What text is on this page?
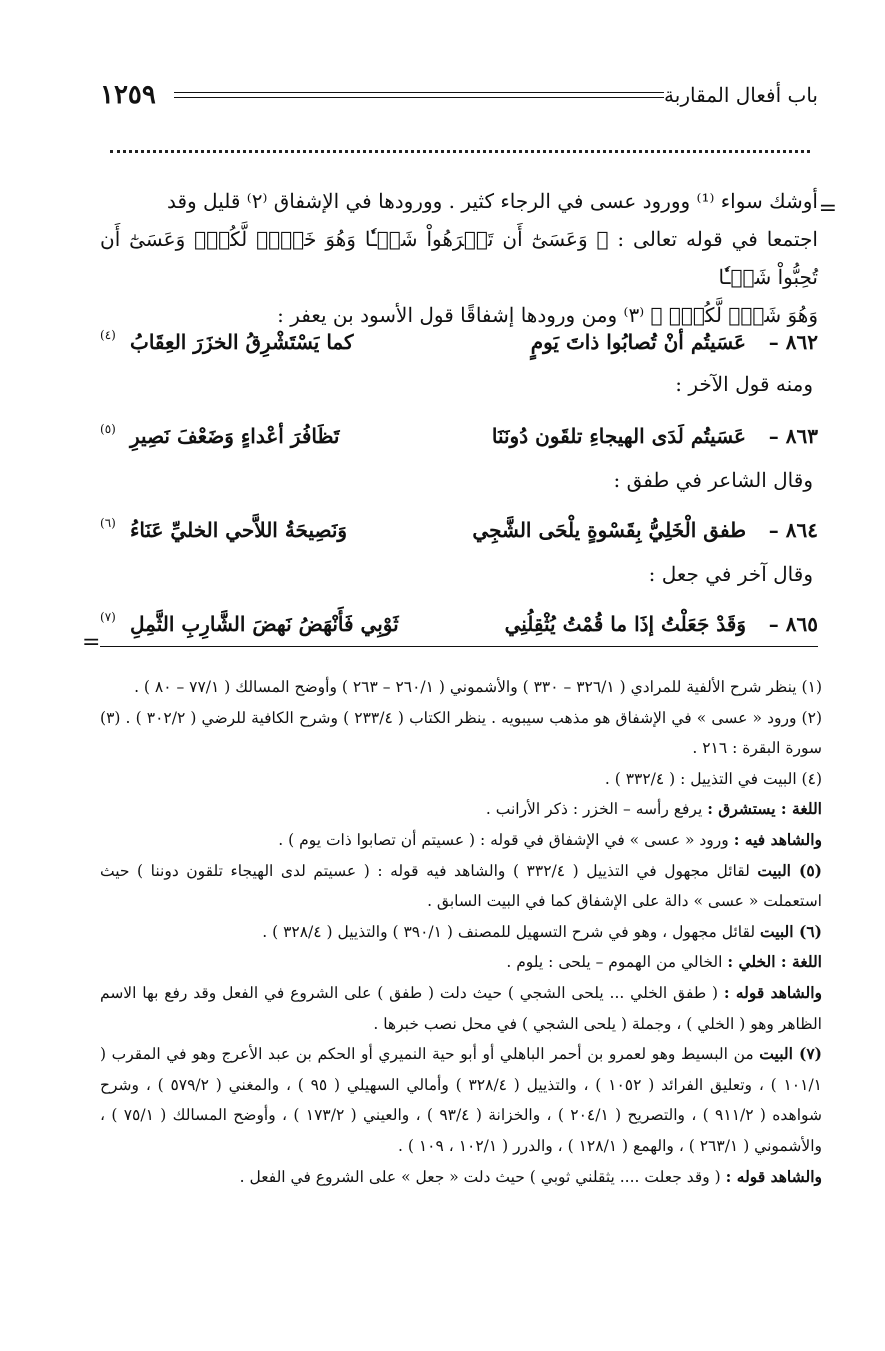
باب أفعال المقاربة
١٢٥٩
=

أوشك سواء ⁽¹⁾ وورود عسى في الرجاء كثير . وورودها في الإشفاق ⁽٢⁾ قليل وقد

اجتمعا في قوله تعالى : ﴿ وَعَسَىٰٓ أَن تَكۡرَهُواْ شَيۡـٔٗا وَهُوَ خَيۡرٞ لَّكُمۡۖ وَعَسَىٰٓ أَن تُحِبُّواْ شَيۡـٔٗا

وَهُوَ شَرّٞ لَّكُمۡۚ ﴾ ⁽٣⁾ ومن ورودها إشفاقًا قول الأسود بن يعفر :

٨٦٢ –
عَسَيتُم أنْ تُصابُوا ذاتَ يَومٍ
كما يَسْتَشْرِقُ الخزَرَ العِقَابُ
(٤)
ومنه قول الآخر :
٨٦٣ –
عَسَيتُم لَدَى الهيجاءِ تلقَون دُونَنَا
تَظَافُرَ أعْداءٍ وَضَعْفَ نَصِيرِ
(٥)
وقال الشاعر في طفق :
٨٦٤ –
طفق الْخَلِيُّ بِقَسْوةٍ يلْحَى الشَّجِي
وَنَصِيحَةُ اللاَّحي الخليِّ عَنَاءُ
(٦)
وقال آخر في جعل :
٨٦٥ –
وَقَدْ جَعَلْتُ إذَا ما قُمْتُ يُثْقِلُنِي
ثَوْبِي فَأَنْهَضُ نَهضَ الشَّارِبِ الثَّمِلِ
(٧)
=

(١) ينظر شرح الألفية للمرادي ( ٣٢٦/١ – ٣٣٠ ) والأشموني ( ٢٦٠/١ – ٢٦٣ ) وأوضح المسالك ( ٧٧/١ – ٨٠ ) .

(٢) ورود « عسى » في الإشفاق هو مذهب سيبويه . ينظر الكتاب ( ٢٣٣/٤ ) وشرح الكافية للرضي ( ٣٠٢/٢ ) . (٣) سورة البقرة : ٢١٦ .

(٤) البيت في التذييل : ( ٣٣٢/٤ ) .

اللغة : يستشرق : يرفع رأسه – الخزر : ذكر الأرانب .

والشاهد فيه : ورود « عسى » في الإشفاق في قوله : ( عسيتم أن تصابوا ذات يوم ) .

(٥) البيت لقائل مجهول في التذييل ( ٣٣٢/٤ ) والشاهد فيه قوله : ( عسيتم لدى الهيجاء تلقون دوننا ) حيث استعملت « عسى » دالة على الإشفاق كما في البيت السابق .

(٦) البيت لقائل مجهول ، وهو في شرح التسهيل للمصنف ( ٣٩٠/١ ) والتذييل ( ٣٢٨/٤ ) .

اللغة : الخلي : الخالي من الهموم – يلحى : يلوم .

والشاهد قوله : ( طفق الخلي ... يلحى الشجي ) حيث دلت ( طفق ) على الشروع في الفعل وقد رفع بها الاسم الظاهر وهو ( الخلي ) ، وجملة ( يلحى الشجي ) في محل نصب خبرها .

(٧) البيت من البسيط وهو لعمرو بن أحمر الباهلي أو أبو حية النميري أو الحكم بن عبد الأعرج وهو في المقرب ( ١٠١/١ ) ، وتعليق الفرائد ( ١٠٥٢ ) ، والتذييل ( ٣٢٨/٤ ) وأمالي السهيلي ( ٩٥ ) ، والمغني ( ٥٧٩/٢ ) ، وشرح شواهده ( ٩١١/٢ ) ، والتصريح ( ٢٠٤/١ ) ، والخزانة ( ٩٣/٤ ) ، والعيني ( ١٧٣/٢ ) ، وأوضح المسالك ( ٧٥/١ ) ، والأشموني ( ٢٦٣/١ ) ، والهمع ( ١٢٨/١ ) ، والدرر ( ١٠٢/١ ، ١٠٩ ) .

والشاهد قوله : ( وقد جعلت .... يثقلني ثوبي ) حيث دلت « جعل » على الشروع في الفعل .
